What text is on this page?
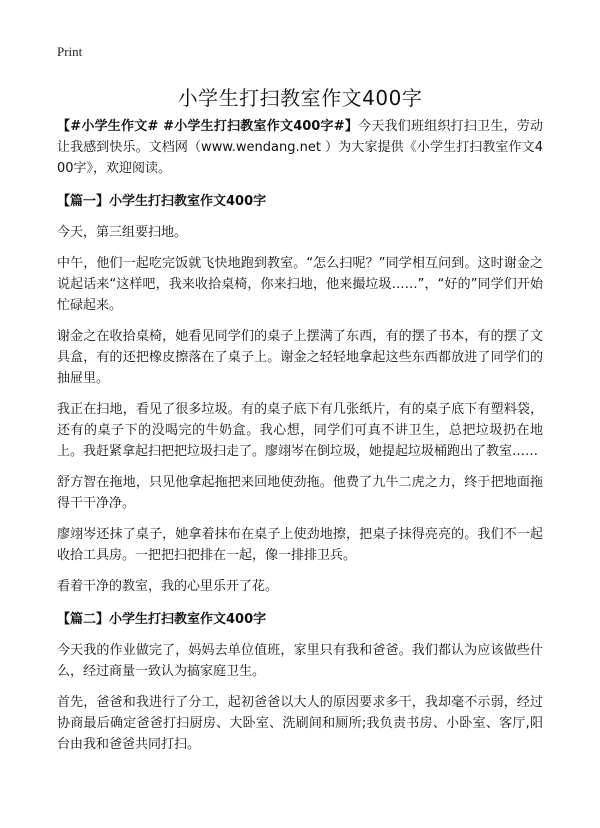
Print
小学生打扫教室作文400字

【#小学生作文# #小学生打扫教室作文400字#】今天我们班组织打扫卫生，劳动让我感到快乐。文档网（www.wendang.net ）为大家提供《小学生打扫教室作文400字》，欢迎阅读。

【篇一】小学生打扫教室作文400字

今天，第三组要扫地。

中午，他们一起吃完饭就飞快地跑到教室。“怎么扫呢？”同学相互问到。这时谢金之说起话来“这样吧，我来收拾桌椅，你来扫地，他来撮垃圾……”，“好的”同学们开始忙碌起来。

谢金之在收拾桌椅，她看见同学们的桌子上摆满了东西，有的摆了书本，有的摆了文具盒，有的还把橡皮擦落在了桌子上。谢金之轻轻地拿起这些东西都放进了同学们的抽屉里。

我正在扫地，看见了很多垃圾。有的桌子底下有几张纸片，有的桌子底下有塑料袋，还有的桌子下的没喝完的牛奶盒。我心想，同学们可真不讲卫生，总把垃圾扔在地上。我赶紧拿起扫把把垃圾扫走了。廖翊岑在倒垃圾，她提起垃圾桶跑出了教室……

舒方智在拖地，只见他拿起拖把来回地使劲拖。他费了九牛二虎之力，终于把地面拖得干干净净。

廖翊岑还抹了桌子，她拿着抹布在桌子上使劲地擦，把桌子抹得亮亮的。我们不一起收拾工具房。一把把扫把排在一起，像一排排卫兵。

看着干净的教室，我的心里乐开了花。

【篇二】小学生打扫教室作文400字

今天我的作业做完了，妈妈去单位值班，家里只有我和爸爸。我们都认为应该做些什么，经过商量一致认为搞家庭卫生。

首先，爸爸和我进行了分工，起初爸爸以大人的原因要求多干，我却毫不示弱，经过协商最后确定爸爸打扫厨房、大卧室、洗刷间和厕所;我负责书房、小卧室、客厅,阳台由我和爸爸共同打扫。
